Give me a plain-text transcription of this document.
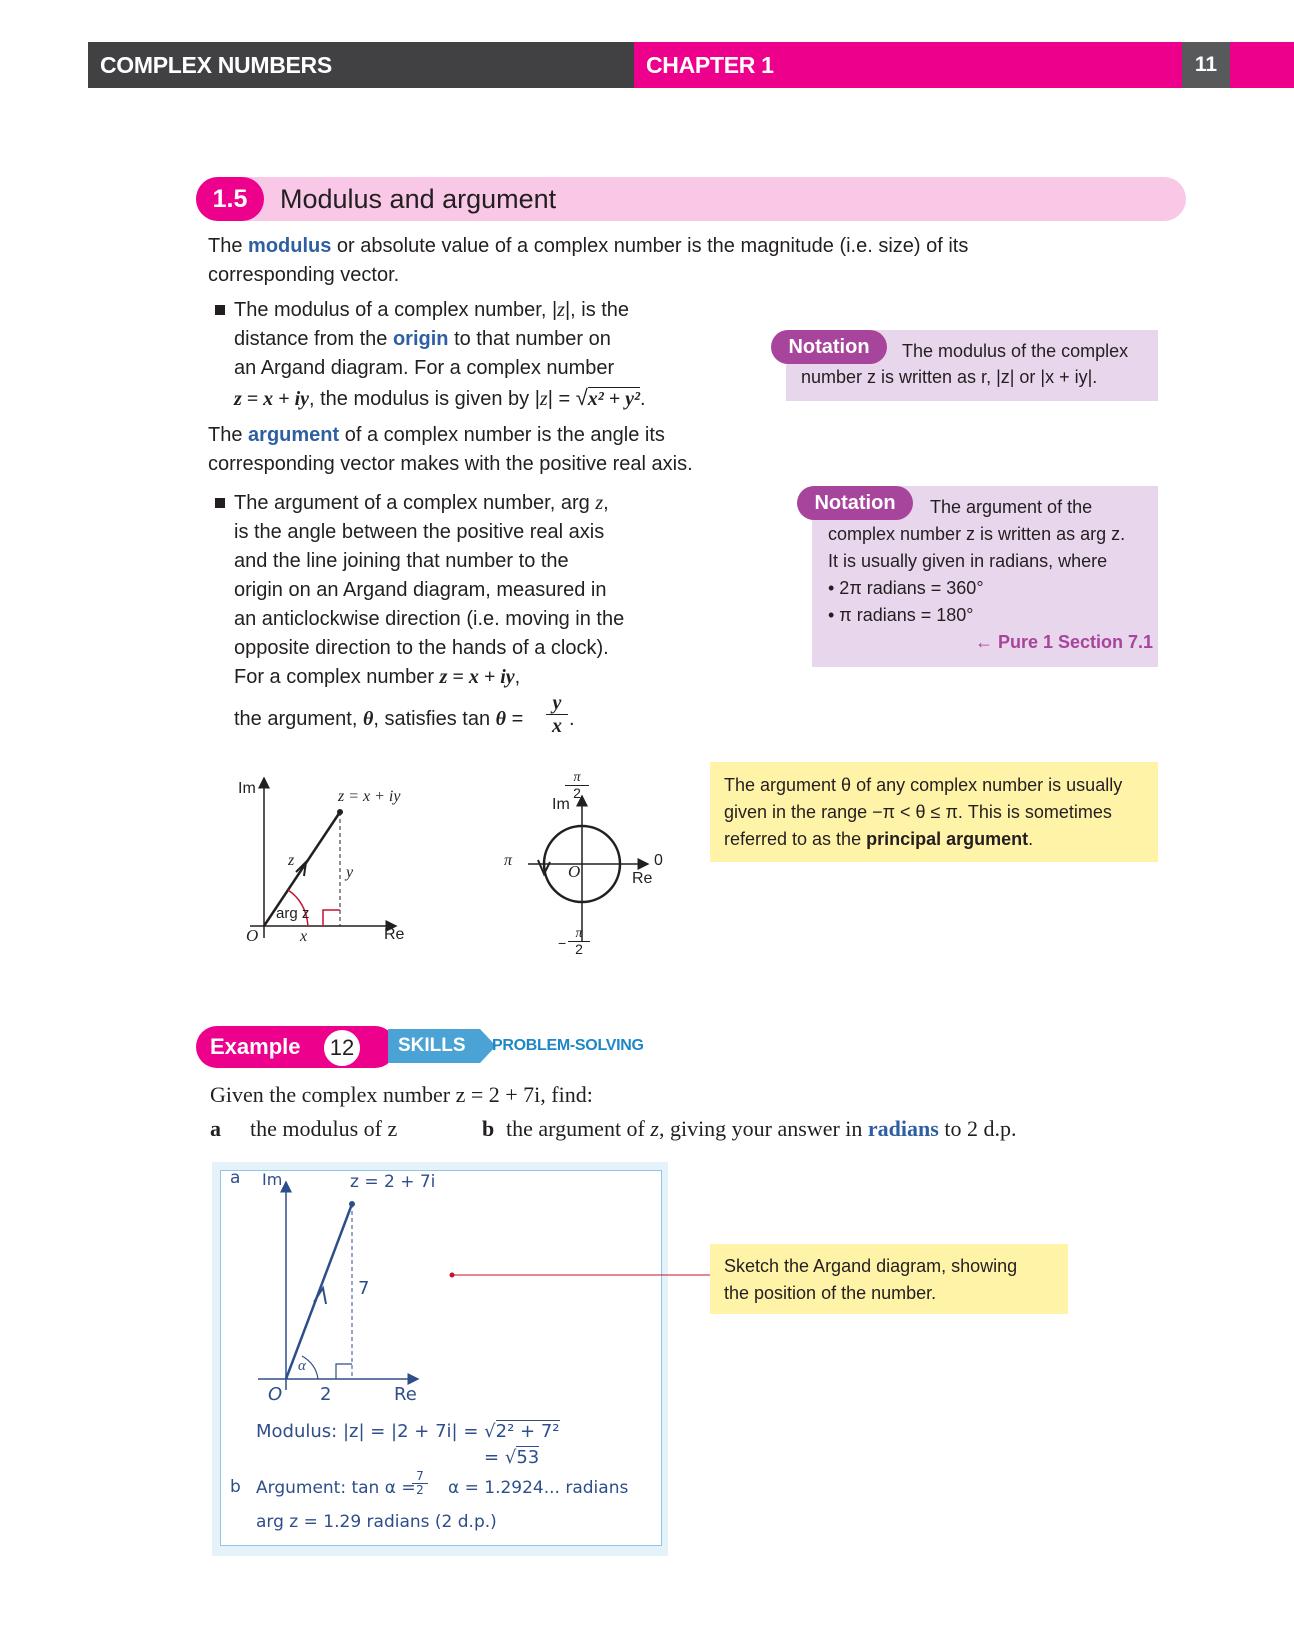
COMPLEX NUMBERS	CHAPTER 1	11
1.5	Modulus and argument
The modulus or absolute value of a complex number is the magnitude (i.e. size) of its
corresponding vector.
The modulus of a complex number, |z|, is the
distance from the origin to that number on
an Argand diagram. For a complex number
z = x + iy, the modulus is given by |z| = √x² + y².
The argument of a complex number is the angle its
corresponding vector makes with the positive real axis.
The argument of a complex number, arg z,
is the angle between the positive real axis
and the line joining that number to the
origin on an Argand diagram, measured in
an anticlockwise direction (i.e. moving in the
opposite direction to the hands of a clock).
For a complex number z = x + iy,
the argument, θ, satisfies tan θ =
y
x .
Notation	The modulus of the complex
number z is written as r, |z| or |x + iy|.
Notation	The argument of the
complex number z is written as arg z.
It is usually given in radians, where
• 2π radians = 360°
• π radians = 180°
← Pure 1 Section 7.1
The argument θ of any complex number is usually
given in the range −π < θ ≤ π. This is sometimes
referred to as the principal argument.
Im
Re
O
z = x + iy
z
y
x
arg z
π
2
Im
π	0
Re
O
−
π
2
Example	12	SKILLS	PROBLEM-SOLVING
Given the complex number z = 2 + 7i, find:
a the modulus of z	b the argument of z, giving your answer in radians to 2 d.p.
a Im	z = 2 + 7i
7
α
O 2	Re
Modulus: |z| = |2 + 7i| = √2² + 7²
= √53
b Argument: tan α =
7
2 α = 1.2924... radians
arg z = 1.29 radians (2 d.p.)
Sketch the Argand diagram, showing
the position of the number.
